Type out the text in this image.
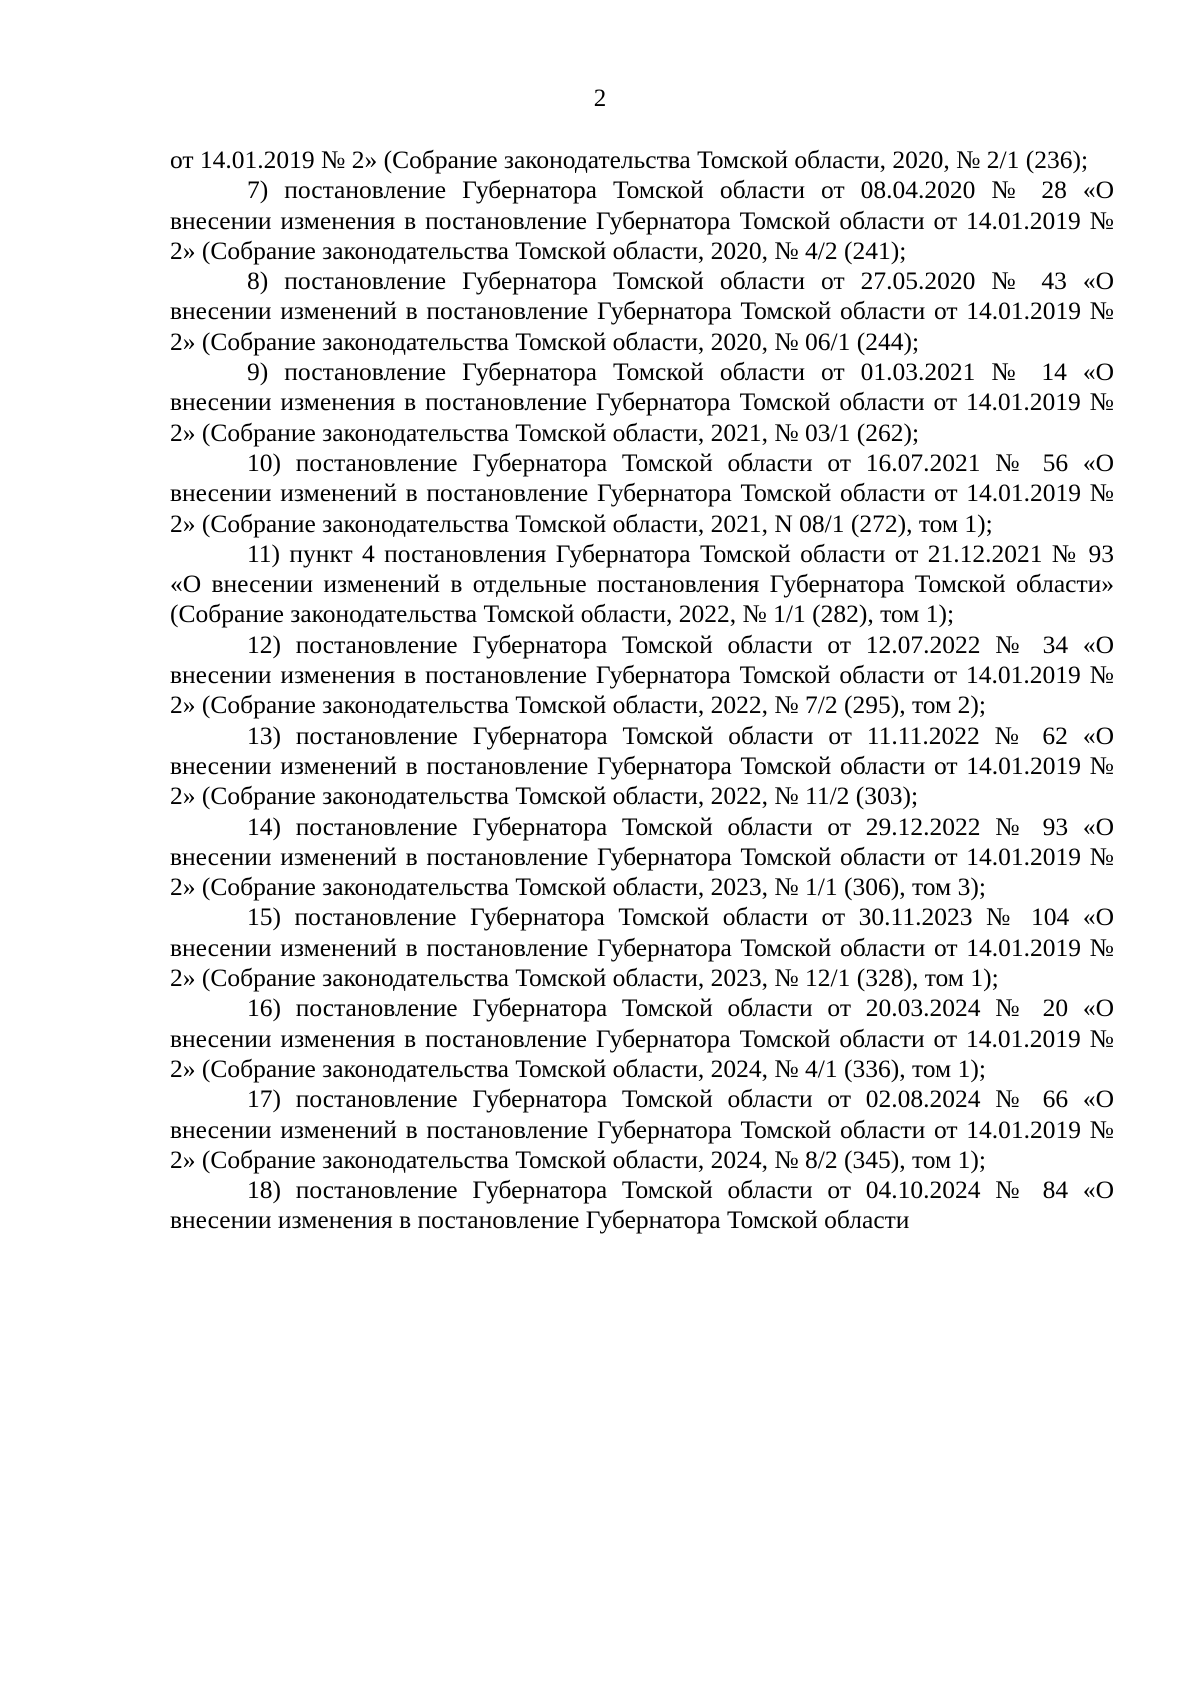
2

от 14.01.2019 № 2» (Собрание законодательства Томской области, 2020, № 2/1 (236);

7) постановление Губернатора Томской области от 08.04.2020 № 28 «О внесении изменения в постановление Губернатора Томской области от 14.01.2019 № 2» (Собрание законодательства Томской области, 2020, № 4/2 (241);

8) постановление Губернатора Томской области от 27.05.2020 № 43 «О внесении изменений в постановление Губернатора Томской области от 14.01.2019 № 2» (Собрание законодательства Томской области, 2020, № 06/1 (244);

9) постановление Губернатора Томской области от 01.03.2021 № 14 «О внесении изменения в постановление Губернатора Томской области от 14.01.2019 № 2» (Собрание законодательства Томской области, 2021, № 03/1 (262);

10) постановление Губернатора Томской области от 16.07.2021 № 56 «О внесении изменений в постановление Губернатора Томской области от 14.01.2019 № 2» (Собрание законодательства Томской области, 2021, N 08/1 (272), том 1);

11) пункт 4 постановления Губернатора Томской области от 21.12.2021 № 93 «О внесении изменений в отдельные постановления Губернатора Томской области» (Собрание законодательства Томской области, 2022, № 1/1 (282), том 1);

12) постановление Губернатора Томской области от 12.07.2022 № 34 «О внесении изменения в постановление Губернатора Томской области от 14.01.2019 № 2» (Собрание законодательства Томской области, 2022, № 7/2 (295), том 2);

13) постановление Губернатора Томской области от 11.11.2022 № 62 «О внесении изменений в постановление Губернатора Томской области от 14.01.2019 № 2» (Собрание законодательства Томской области, 2022, № 11/2 (303);

14) постановление Губернатора Томской области от 29.12.2022 № 93 «О внесении изменений в постановление Губернатора Томской области от 14.01.2019 № 2» (Собрание законодательства Томской области, 2023, № 1/1 (306), том 3);

15) постановление Губернатора Томской области от 30.11.2023 № 104 «О внесении изменений в постановление Губернатора Томской области от 14.01.2019 № 2» (Собрание законодательства Томской области, 2023, № 12/1 (328), том 1);

16) постановление Губернатора Томской области от 20.03.2024 № 20 «О внесении изменения в постановление Губернатора Томской области от 14.01.2019 № 2» (Собрание законодательства Томской области, 2024, № 4/1 (336), том 1);

17) постановление Губернатора Томской области от 02.08.2024 № 66 «О внесении изменений в постановление Губернатора Томской области от 14.01.2019 № 2» (Собрание законодательства Томской области, 2024, № 8/2 (345), том 1);

18) постановление Губернатора Томской области от 04.10.2024 № 84 «О внесении изменения в постановление Губернатора Томской области
